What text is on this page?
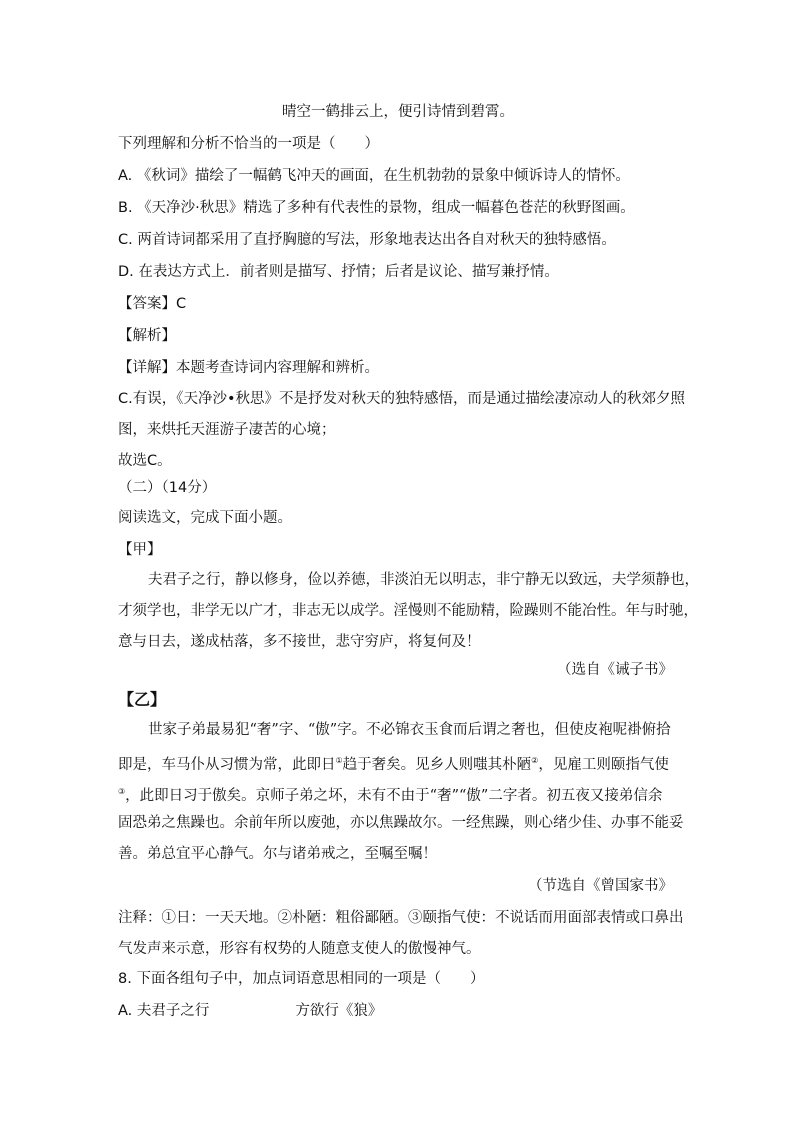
晴空一鹤排云上，便引诗情到碧霄。
下列理解和分析不恰当的一项是（　　）
A. 《秋词》描绘了一幅鹤飞冲天的画面，在生机勃勃的景象中倾诉诗人的情怀。
B. 《天净沙·秋思》精选了多种有代表性的景物，组成一幅暮色苍茫的秋野图画。
C. 两首诗词都采用了直抒胸臆的写法，形象地表达出各自对秋天的独特感悟。
D. 在表达方式上．前者则是描写、抒情；后者是议论、描写兼抒情。
【答案】C
【解析】
【详解】本题考查诗词内容理解和辨析。
C.有误，《天净沙•秋思》不是抒发对秋天的独特感悟，而是通过描绘凄凉动人的秋郊夕照
图，来烘托天涯游子凄苦的心境；
故选C。
（二）（14分）
阅读选文，完成下面小题。
【甲】
夫君子之行，静以修身，俭以养德，非淡泊无以明志，非宁静无以致远，夫学须静也，
才须学也，非学无以广才，非志无以成学。淫慢则不能励精，险躁则不能冶性。年与时驰，
意与日去，遂成枯落，多不接世，悲守穷庐，将复何及！
（选自《诫子书》
【乙】
世家子弟最易犯“奢”字、“傲”字。不必锦衣玉食而后谓之奢也，但使皮袍呢褂俯拾
即是，车马仆从习惯为常，此即日①趋于奢矣。见乡人则嗤其朴陋②，见雇工则颐指气使
③，此即日习于傲矣。京师子弟之坏，未有不由于“奢”“傲”二字者。初五夜又接弟信余
固恐弟之焦躁也。余前年所以废弛，亦以焦躁故尔。一经焦躁，则心绪少佳、办事不能妥
善。弟总宜平心静气。尔与诸弟戒之，至嘱至嘱！
（节选自《曾国家书》
注释：①日：一天天地。②朴陋：粗俗鄙陋。③颐指气使：不说话而用面部表情或口鼻出
气发声来示意，形容有权势的人随意支使人的傲慢神气。
8. 下面各组句子中，加点词语意思相同的一项是（　　）
A. 夫君子之行	方欲行《狼》
